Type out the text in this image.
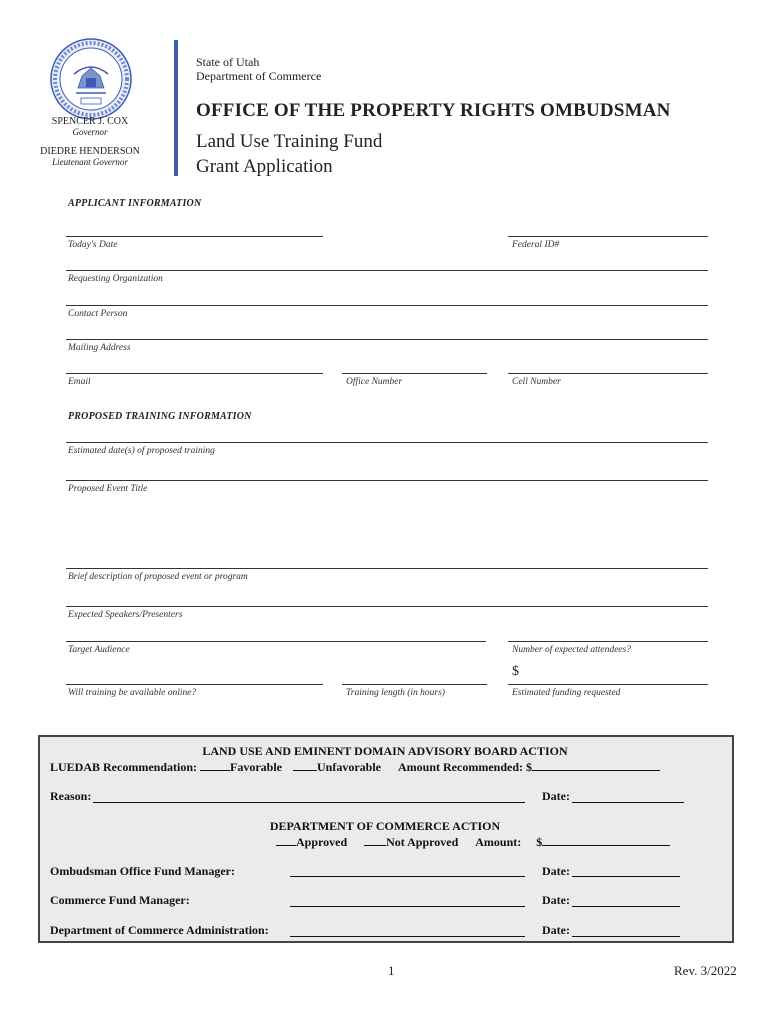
State of Utah
Department of Commerce
SPENCER J. COX
Governor
DIEDRE HENDERSON
Lieutenant Governor
OFFICE OF THE PROPERTY RIGHTS OMBUDSMAN
Land Use Training Fund
Grant Application
APPLICANT INFORMATION
Today's Date	Federal ID#
Requesting Organization
Contact Person
Mailing Address
Email	Office Number	Cell Number
PROPOSED TRAINING INFORMATION
Estimated date(s) of proposed training
Proposed Event Title
Brief description of proposed event or program
Expected Speakers/Presenters
Target Audience	Number of expected attendees?
$
Will training be available online?	Training length (in hours)	Estimated funding requested
LAND USE AND EMINENT DOMAIN ADVISORY BOARD ACTION
LUEDAB Recommendation:	Favorable	Unfavorable Amount Recommended: $
Reason:	Date:
DEPARTMENT OF COMMERCE ACTION
Approved	Not Approved Amount: $
Ombudsman Office Fund Manager:	Date:
Commerce Fund Manager:	Date:
Department of Commerce Administration:	Date:
1	Rev. 3/2022
